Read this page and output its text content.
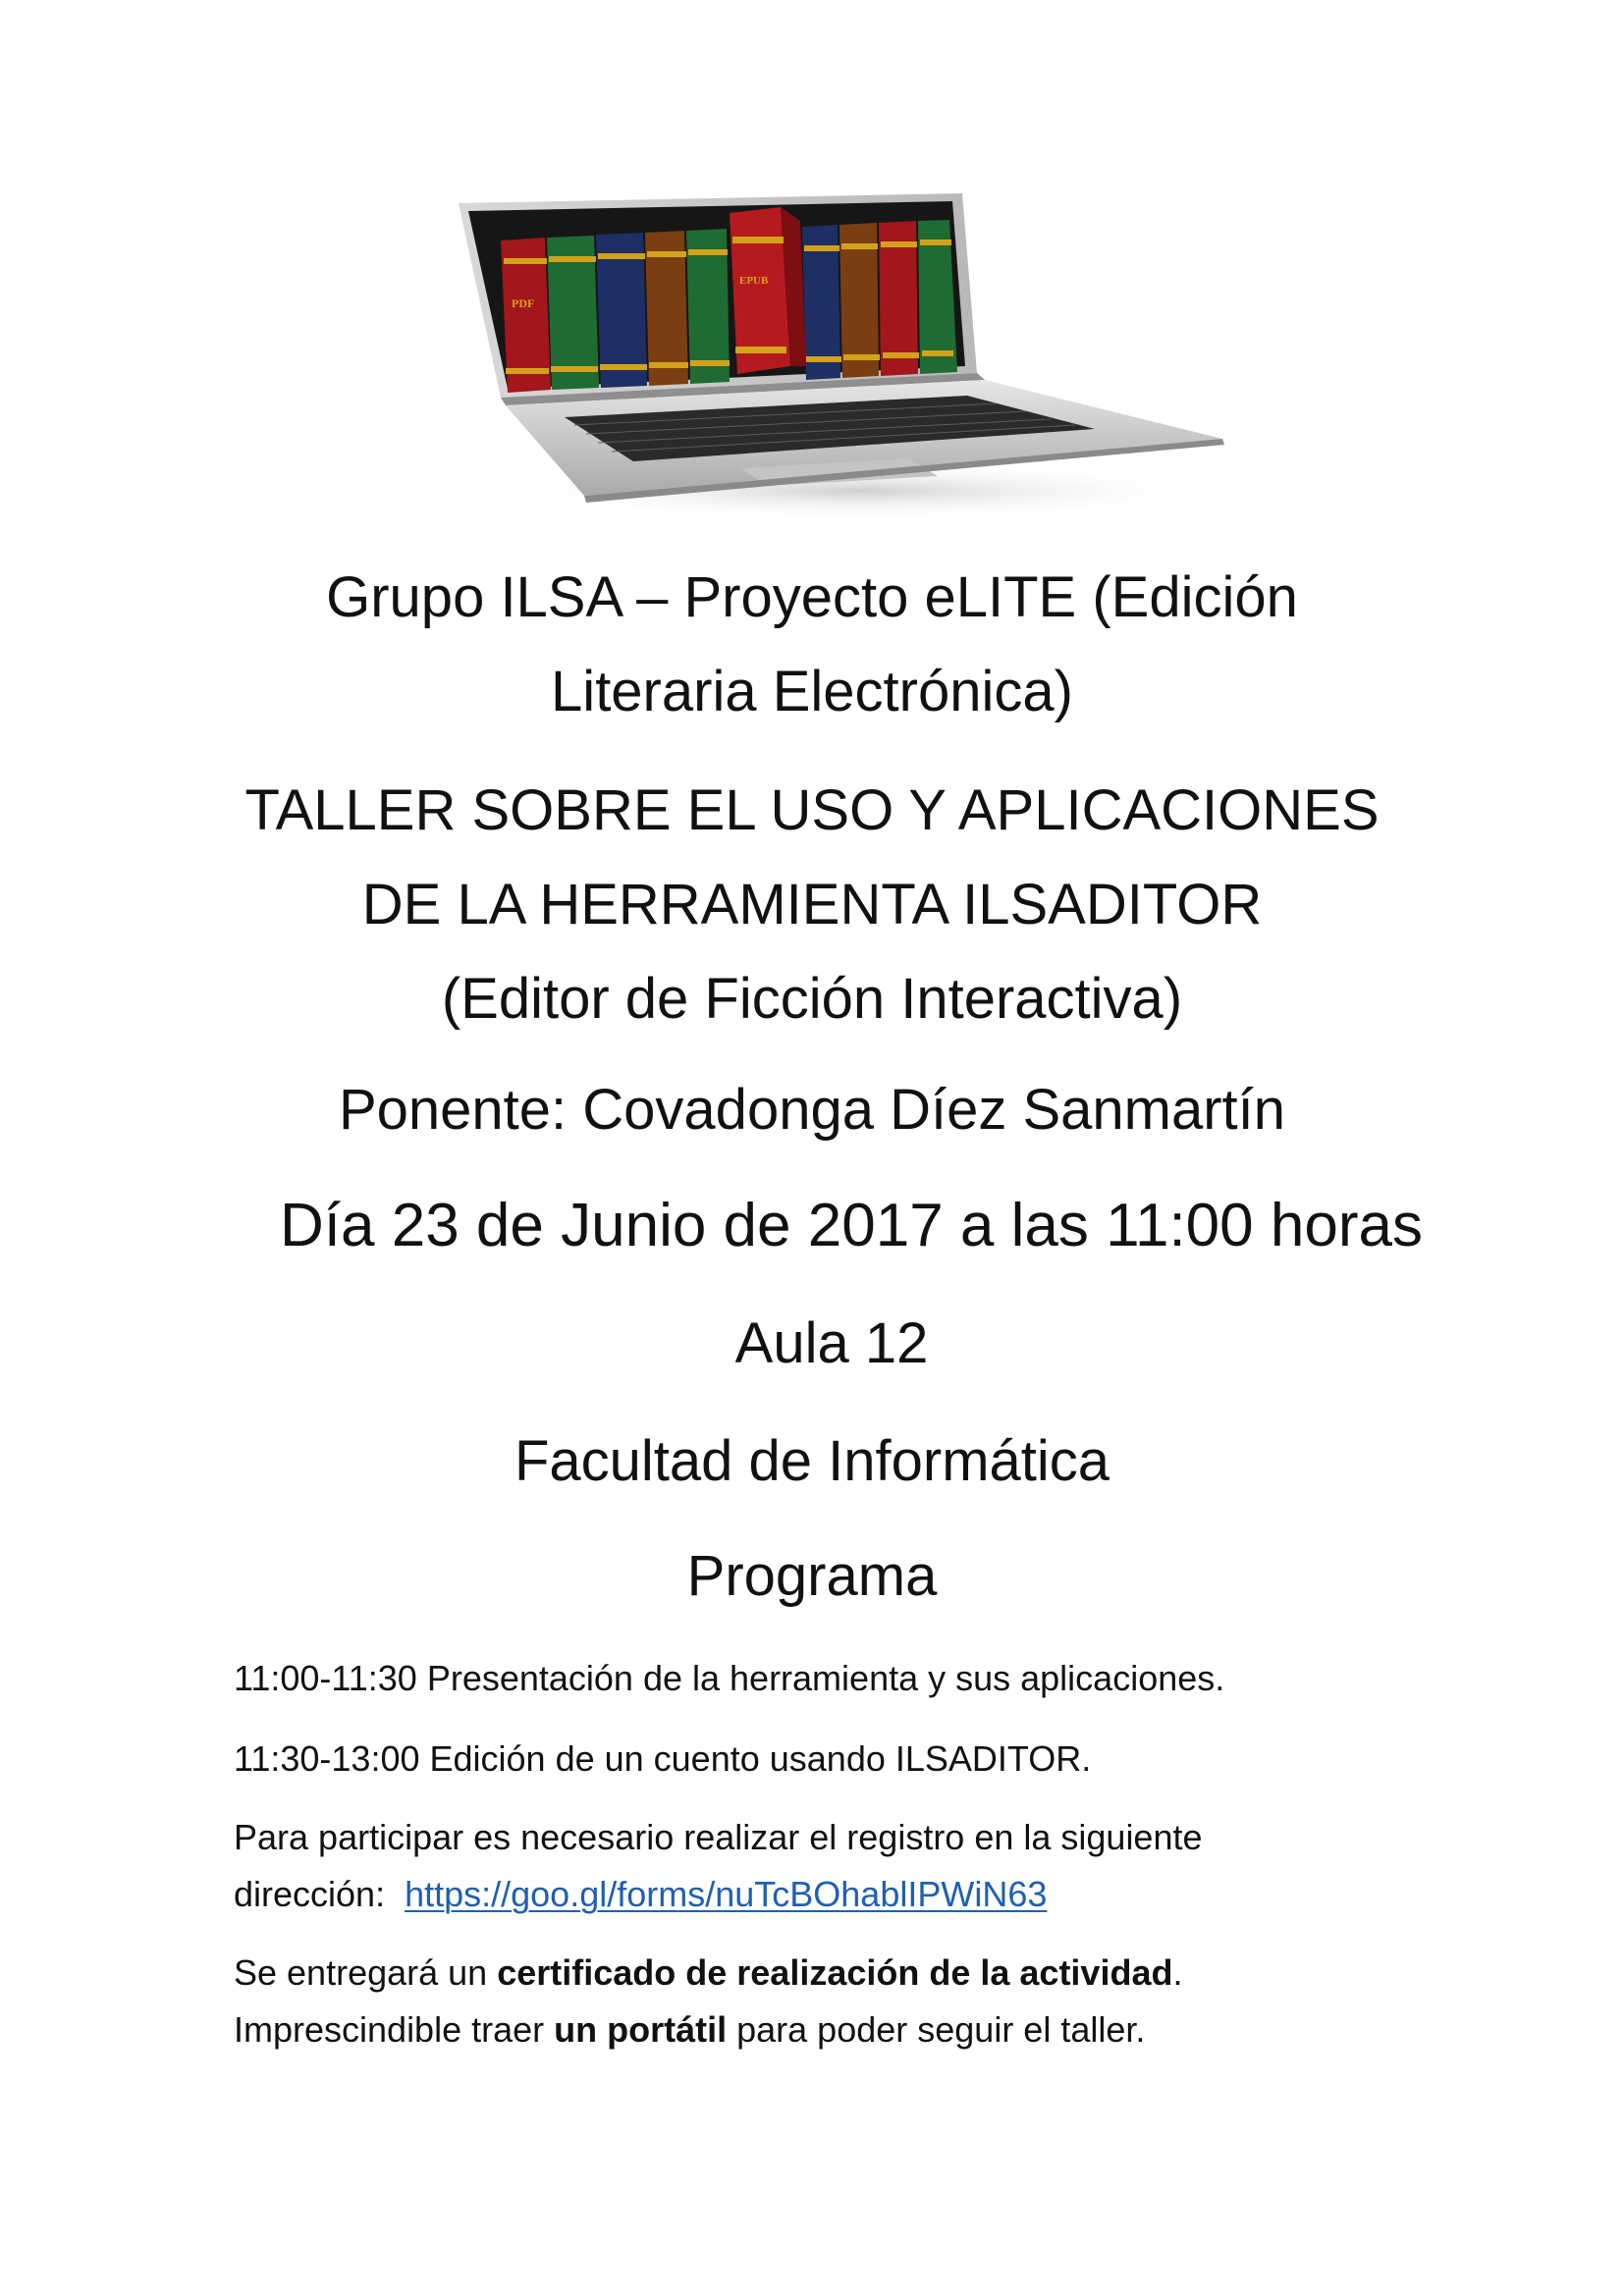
PDF
EPUB
Grupo ILSA – Proyecto eLITE (Edición
Literaria Electrónica)
TALLER SOBRE EL USO Y APLICACIONES
DE LA HERRAMIENTA ILSADITOR
(Editor de Ficción Interactiva)
Ponente: Covadonga Díez Sanmartín
Día 23 de Junio de 2017 a las 11:00 horas
Aula 12
Facultad de Informática
Programa
11:00-11:30 Presentación de la herramienta y sus aplicaciones.
11:30-13:00 Edición de un cuento usando ILSADITOR.
Para participar es necesario realizar el registro en la siguiente
dirección:  https://goo.gl/forms/nuTcBOhablIPWiN63
Se entregará un certificado de realización de la actividad.
Imprescindible traer un portátil para poder seguir el taller.
